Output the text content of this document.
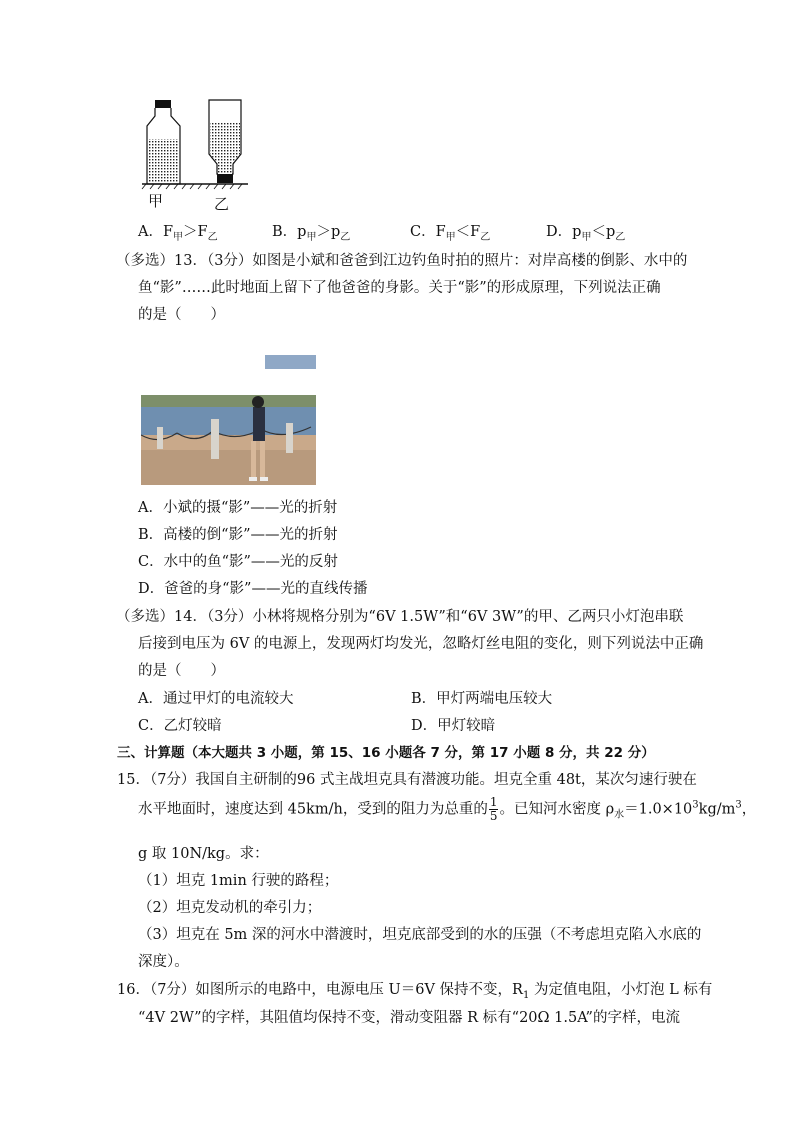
甲	乙
A．$F_甲>F_乙$	B．$p_甲>p_乙$	C．$F_甲<F_乙$	D．$p_甲<p_乙$
（多选）13．（3分）如图是小斌和爸爸到江边钓鱼时拍的照片：对岸高楼的倒影、水中的
鱼“影”……此时地面上留下了他爸爸的身影。关于“影”的形成原理，下列说法正确
的是（　　）
A．小斌的摄“影”——光的折射
B．高楼的倒“影”——光的折射
C．水中的鱼“影”——光的反射
D．爸爸的身“影”——光的直线传播
（多选）14．（3分）小林将规格分别为“6V 1.5W”和“6V 3W”的甲、乙两只小灯泡串联
后接到电压为 6V 的电源上，发现两灯均发光，忽略灯丝电阻的变化，则下列说法中正确
的是（　　）
A．通过甲灯的电流较大	B．甲灯两端电压较大
C．乙灯较暗	D．甲灯较暗
三、计算题（本大题共 3 小题，第 15、16 小题各 7 分，第 17 小题 8 分，共 22 分）
15．（7分）我国自主研制的96 式主战坦克具有潜渡功能。坦克全重 48t，某次匀速行驶在
水平地面时，速度达到 45km/h，受到的阻力为总重的 $\frac{1}{5}$ 。已知河水密度 $\rho_水=1.0\times 10^3kg/m^3$，
g 取 10N/kg。求：
（1）坦克 1min 行驶的路程；
（2）坦克发动机的牵引力；
（3）坦克在 5m 深的河水中潜渡时，坦克底部受到的水的压强（不考虑坦克陷入水底的
深度）。
16．（7分）如图所示的电路中，电源电压 U＝6V 保持不变，$R_1$ 为定值电阻，小灯泡 L 标有
“4V 2W”的字样，其阻值均保持不变，滑动变阻器 R 标有“20Ω 1.5A”的字样，电流
